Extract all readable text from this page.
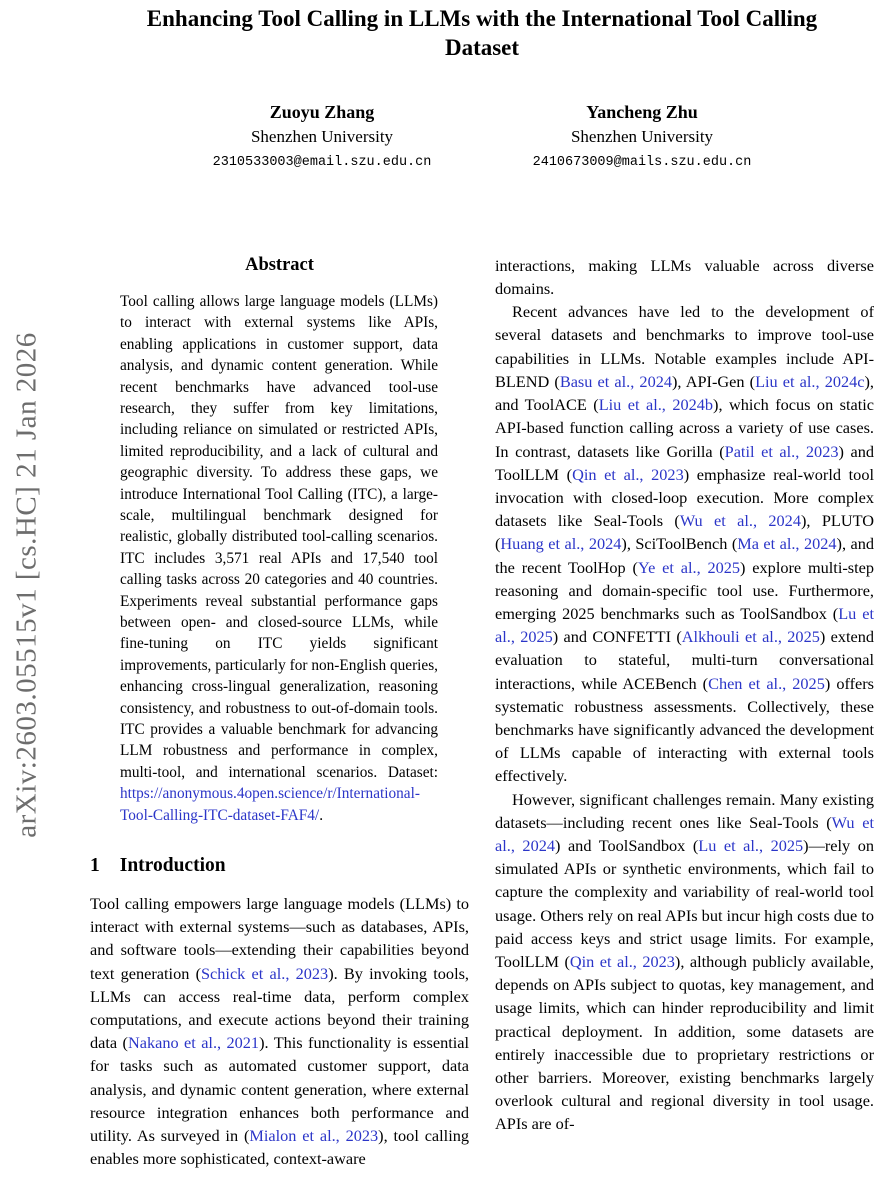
arXiv:2603.05515v1 [cs.HC] 21 Jan 2026
Enhancing Tool Calling in LLMs with the International Tool Calling Dataset
Zuoyu Zhang
Shenzhen University
2310533003@email.szu.edu.cn
Yancheng Zhu
Shenzhen University
2410673009@mails.szu.edu.cn
Abstract

Tool calling allows large language models (LLMs) to interact with external systems like APIs, enabling applications in customer support, data analysis, and dynamic content generation. While recent benchmarks have advanced tool-use research, they suffer from key limitations, including reliance on simulated or restricted APIs, limited reproducibility, and a lack of cultural and geographic diversity. To address these gaps, we introduce International Tool Calling (ITC), a large-scale, multilingual benchmark designed for realistic, globally distributed tool-calling scenarios. ITC includes 3,571 real APIs and 17,540 tool calling tasks across 20 categories and 40 countries. Experiments reveal substantial performance gaps between open- and closed-source LLMs, while fine-tuning on ITC yields significant improvements, particularly for non-English queries, enhancing cross-lingual generalization, reasoning consistency, and robustness to out-of-domain tools. ITC provides a valuable benchmark for advancing LLM robustness and performance in complex, multi-tool, and international scenarios. Dataset: https://anonymous.4open.science/r/International-Tool-Calling-ITC-dataset-FAF4/.

1 Introduction

Tool calling empowers large language models (LLMs) to interact with external systems—such as databases, APIs, and software tools—extending their capabilities beyond text generation (Schick et al., 2023). By invoking tools, LLMs can access real-time data, perform complex computations, and execute actions beyond their training data (Nakano et al., 2021). This functionality is essential for tasks such as automated customer support, data analysis, and dynamic content generation, where external resource integration enhances both performance and utility. As surveyed in (Mialon et al., 2023), tool calling enables more sophisticated, context-aware

interactions, making LLMs valuable across diverse domains.

Recent advances have led to the development of several datasets and benchmarks to improve tool-use capabilities in LLMs. Notable examples include API-BLEND (Basu et al., 2024), API-Gen (Liu et al., 2024c), and ToolACE (Liu et al., 2024b), which focus on static API-based function calling across a variety of use cases. In contrast, datasets like Gorilla (Patil et al., 2023) and ToolLLM (Qin et al., 2023) emphasize real-world tool invocation with closed-loop execution. More complex datasets like Seal-Tools (Wu et al., 2024), PLUTO (Huang et al., 2024), SciToolBench (Ma et al., 2024), and the recent ToolHop (Ye et al., 2025) explore multi-step reasoning and domain-specific tool use. Furthermore, emerging 2025 benchmarks such as ToolSandbox (Lu et al., 2025) and CONFETTI (Alkhouli et al., 2025) extend evaluation to stateful, multi-turn conversational interactions, while ACEBench (Chen et al., 2025) offers systematic robustness assessments. Collectively, these benchmarks have significantly advanced the development of LLMs capable of interacting with external tools effectively.

However, significant challenges remain. Many existing datasets—including recent ones like Seal-Tools (Wu et al., 2024) and ToolSandbox (Lu et al., 2025)—rely on simulated APIs or synthetic environments, which fail to capture the complexity and variability of real-world tool usage. Others rely on real APIs but incur high costs due to paid access keys and strict usage limits. For example, ToolLLM (Qin et al., 2023), although publicly available, depends on APIs subject to quotas, key management, and usage limits, which can hinder reproducibility and limit practical deployment. In addition, some datasets are entirely inaccessible due to proprietary restrictions or other barriers. Moreover, existing benchmarks largely overlook cultural and regional diversity in tool usage. APIs are of-
